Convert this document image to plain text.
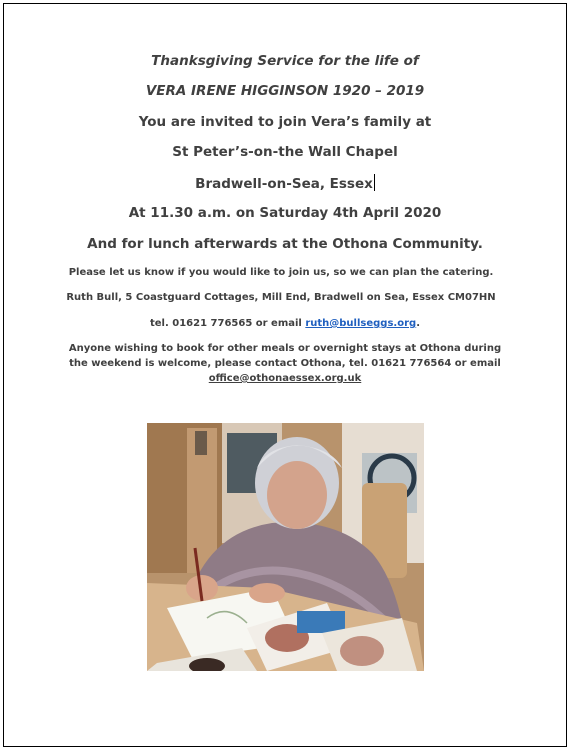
Thanksgiving Service for the life of
VERA IRENE HIGGINSON 1920 – 2019
You are invited to join Vera’s family at
St Peter’s-on-the Wall Chapel
Bradwell-on-Sea, Essex
At 11.30 a.m. on Saturday 4th April 2020
And for lunch afterwards at the Othona Community.
Please let us know if you would like to join us, so we can plan the catering.
Ruth Bull, 5 Coastguard Cottages, Mill End, Bradwell on Sea, Essex CM07HN
tel. 01621 776565 or email ruth@bullseggs.org.
Anyone wishing to book for other meals or overnight stays at Othona during
the weekend is welcome, please contact Othona, tel. 01621 776564 or email
office@othonaessex.org.uk
